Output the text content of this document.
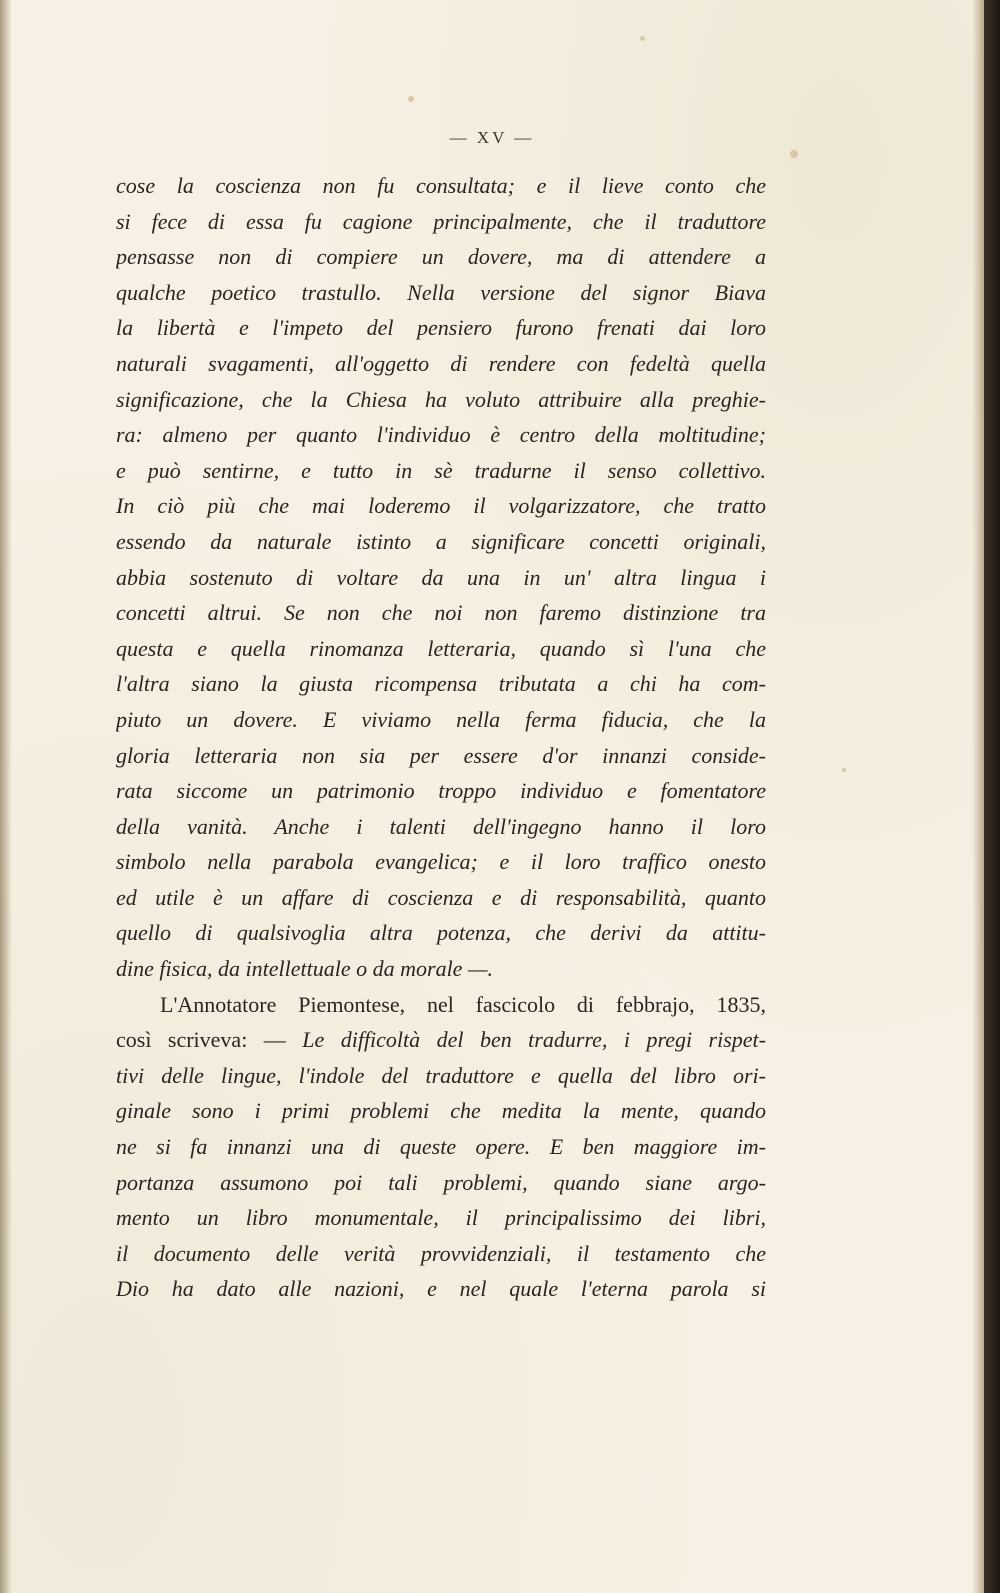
— XV —
cose la coscienza non fu consultata; e il lieve conto che
si fece di essa fu cagione principalmente, che il traduttore
pensasse non di compiere un dovere, ma di attendere a
qualche poetico trastullo. Nella versione del signor Biava
la libertà e l'impeto del pensiero furono frenati dai loro
naturali svagamenti, all'oggetto di rendere con fedeltà quella
significazione, che la Chiesa ha voluto attribuire alla preghie-
ra: almeno per quanto l'individuo è centro della moltitudine;
e può sentirne, e tutto in sè tradurne il senso collettivo.
In ciò più che mai loderemo il volgarizzatore, che tratto
essendo da naturale istinto a significare concetti originali,
abbia sostenuto di voltare da una in un' altra lingua i
concetti altrui. Se non che noi non faremo distinzione tra
questa e quella rinomanza letteraria, quando sì l'una che
l'altra siano la giusta ricompensa tributata a chi ha com-
piuto un dovere. E viviamo nella ferma fiducia, che la
gloria letteraria non sia per essere d'or innanzi conside-
rata siccome un patrimonio troppo individuo e fomentatore
della vanità. Anche i talenti dell'ingegno hanno il loro
simbolo nella parabola evangelica; e il loro traffico onesto
ed utile è un affare di coscienza e di responsabilità, quanto
quello di qualsivoglia altra potenza, che derivi da attitu-
dine fisica, da intellettuale o da morale —.
L'Annotatore Piemontese, nel fascicolo di febbrajo, 1835,
così scriveva: — Le difficoltà del ben tradurre, i pregi rispet-
tivi delle lingue, l'indole del traduttore e quella del libro ori-
ginale sono i primi problemi che medita la mente, quando
ne si fa innanzi una di queste opere. E ben maggiore im-
portanza assumono poi tali problemi, quando siane argo-
mento un libro monumentale, il principalissimo dei libri,
il documento delle verità provvidenziali, il testamento che
Dio ha dato alle nazioni, e nel quale l'eterna parola si
